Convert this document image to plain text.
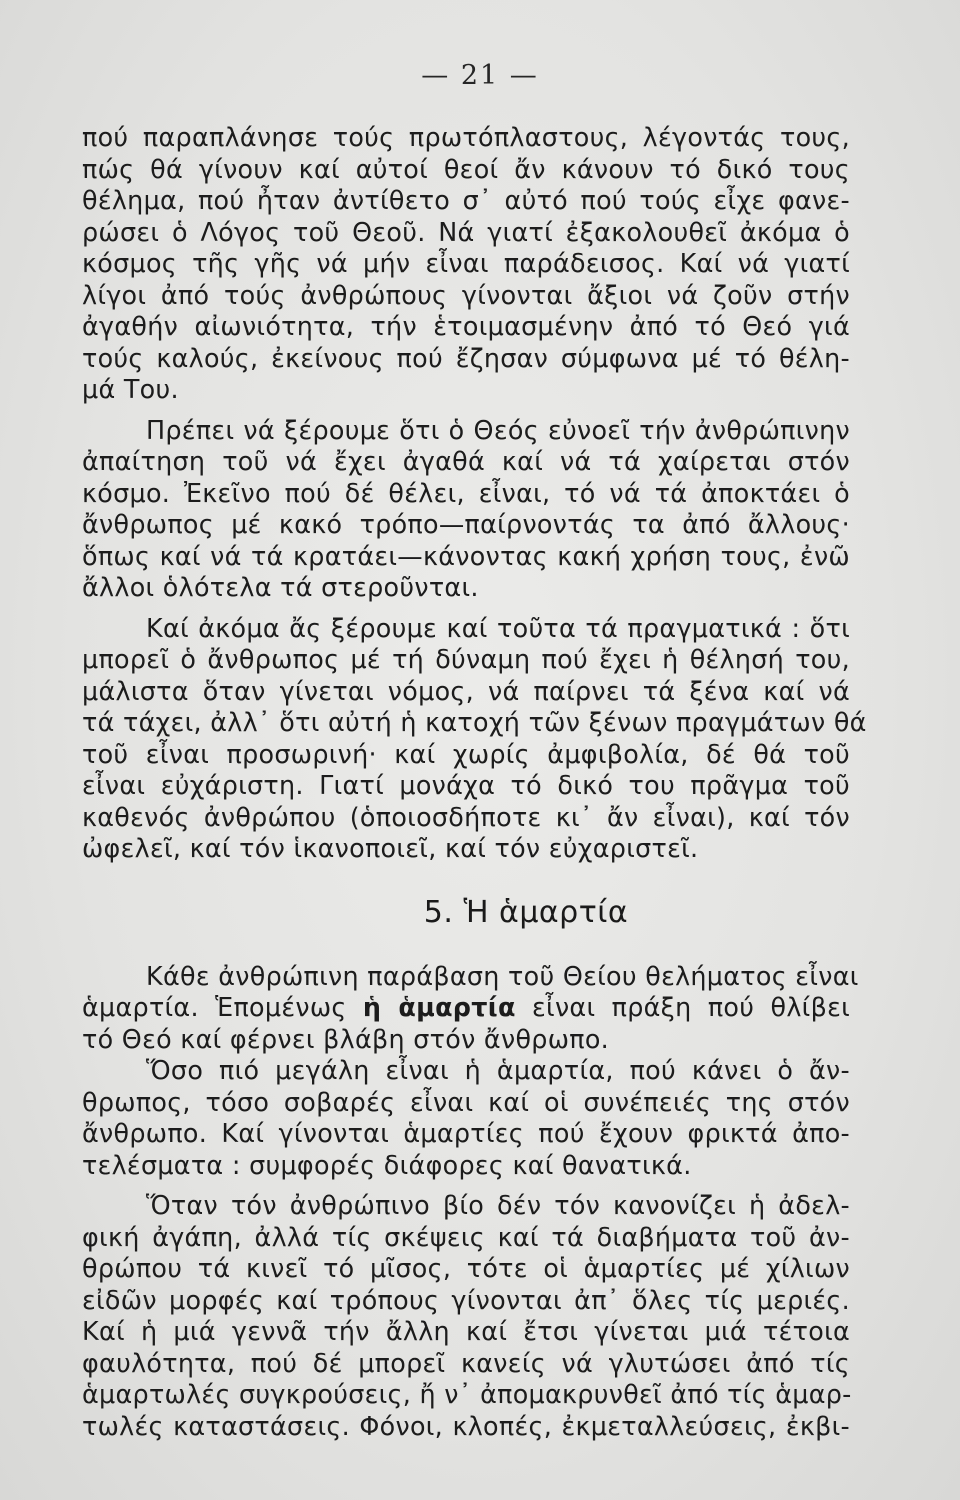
— 21 —
πού παραπλάνησε τούς πρωτόπλαστους, λέγοντάς τους,
πώς θά γίνουν καί αὐτοί θεοί ἄν κάνουν τό δικό τους
θέλημα, πού ἦταν ἀντίθετο σ᾽ αὐτό πού τούς εἶχε φανε-
ρώσει ὁ Λόγος τοῦ Θεοῦ. Νά γιατί ἐξακολουθεῖ ἀκόμα ὁ
κόσμος τῆς γῆς νά μήν εἶναι παράδεισος. Καί νά γιατί
λίγοι ἀπό τούς ἀνθρώπους γίνονται ἄξιοι νά ζοῦν στήν
ἀγαθήν αἰωνιότητα, τήν ἑτοιμασμένην ἀπό τό Θεό γιά
τούς καλούς, ἐκείνους πού ἔζησαν σύμφωνα μέ τό θέλη-
μά Του.
Πρέπει νά ξέρουμε ὅτι ὁ Θεός εὐνοεῖ τήν ἀνθρώπινην
ἀπαίτηση τοῦ νά ἔχει ἀγαθά καί νά τά χαίρεται στόν
κόσμο. Ἐκεῖνο πού δέ θέλει, εἶναι, τό νά τά ἀποκτάει ὁ
ἄνθρωπος μέ κακό τρόπο—παίρνοντάς τα ἀπό ἄλλους·
ὅπως καί νά τά κρατάει—κάνοντας κακή χρήση τους, ἐνῶ
ἄλλοι ὁλότελα τά στεροῦνται.
Καί ἀκόμα ἄς ξέρουμε καί τοῦτα τά πραγματικά : ὅτι
μπορεῖ ὁ ἄνθρωπος μέ τή δύναμη πού ἔχει ἡ θέλησή του,
μάλιστα ὅταν γίνεται νόμος, νά παίρνει τά ξένα καί νά
τά τάχει, ἀλλ᾽ ὅτι αὐτή ἡ κατοχή τῶν ξένων πραγμάτων θά
τοῦ εἶναι προσωρινή· καί χωρίς ἀμφιβολία, δέ θά τοῦ
εἶναι εὐχάριστη. Γιατί μονάχα τό δικό του πρᾶγμα τοῦ
καθενός ἀνθρώπου (ὁποιοσδήποτε κι᾽ ἄν εἶναι), καί τόν
ὠφελεῖ, καί τόν ἱκανοποιεῖ, καί τόν εὐχαριστεῖ.
5. Ἡ ἁμαρτία
Κάθε ἀνθρώπινη παράβαση τοῦ Θείου θελήματος εἶναι
ἁμαρτία. Ἑπομένως ἡ ἁμαρτία εἶναι πράξη πού θλίβει
τό Θεό καί φέρνει βλάβη στόν ἄνθρωπο.
Ὅσο πιό μεγάλη εἶναι ἡ ἁμαρτία, πού κάνει ὁ ἄν-
θρωπος, τόσο σοβαρές εἶναι καί οἱ συνέπειές της στόν
ἄνθρωπο. Καί γίνονται ἁμαρτίες πού ἔχουν φρικτά ἀπο-
τελέσματα : συμφορές διάφορες καί θανατικά.
Ὅταν τόν ἀνθρώπινο βίο δέν τόν κανονίζει ἡ ἀδελ-
φική ἀγάπη, ἀλλά τίς σκέψεις καί τά διαβήματα τοῦ ἀν-
θρώπου τά κινεῖ τό μῖσος, τότε οἱ ἁμαρτίες μέ χίλιων
εἰδῶν μορφές καί τρόπους γίνονται ἀπ᾽ ὅλες τίς μεριές.
Καί ἡ μιά γεννᾶ τήν ἄλλη καί ἔτσι γίνεται μιά τέτοια
φαυλότητα, πού δέ μπορεῖ κανείς νά γλυτώσει ἀπό τίς
ἁμαρτωλές συγκρούσεις, ἤ ν᾽ ἀπομακρυνθεῖ ἀπό τίς ἁμαρ-
τωλές καταστάσεις. Φόνοι, κλοπές, ἐκμεταλλεύσεις, ἐκβι-
